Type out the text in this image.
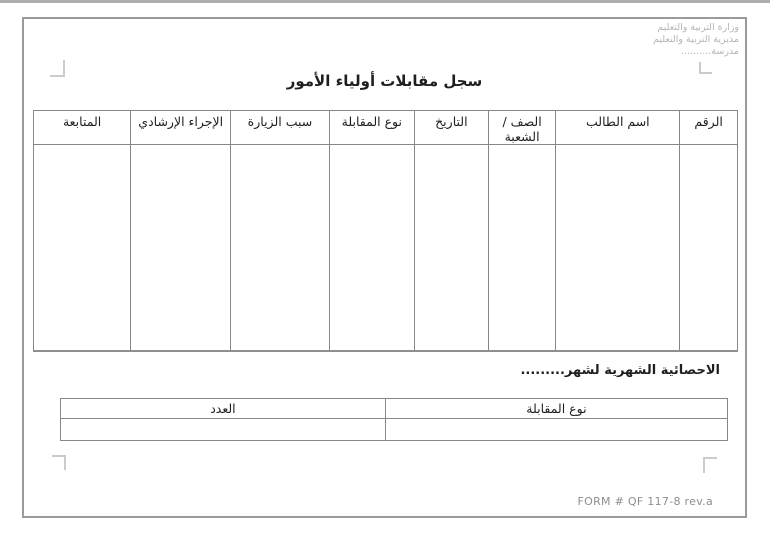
وزارة التربية والتعليم
مديرية التربية والتعليم
مدرسة..........
سجل مقابلات أولياء الأمور
الرقم	اسم الطالب	الصف / الشعبة	التاريخ	نوع المقابلة	سبب الزيارة	الإجراء الإرشادي	المتابعة

الاحصائية الشهرية لشهر.........
نوع المقابلة	العدد

FORM # QF 117-8 rev.a
